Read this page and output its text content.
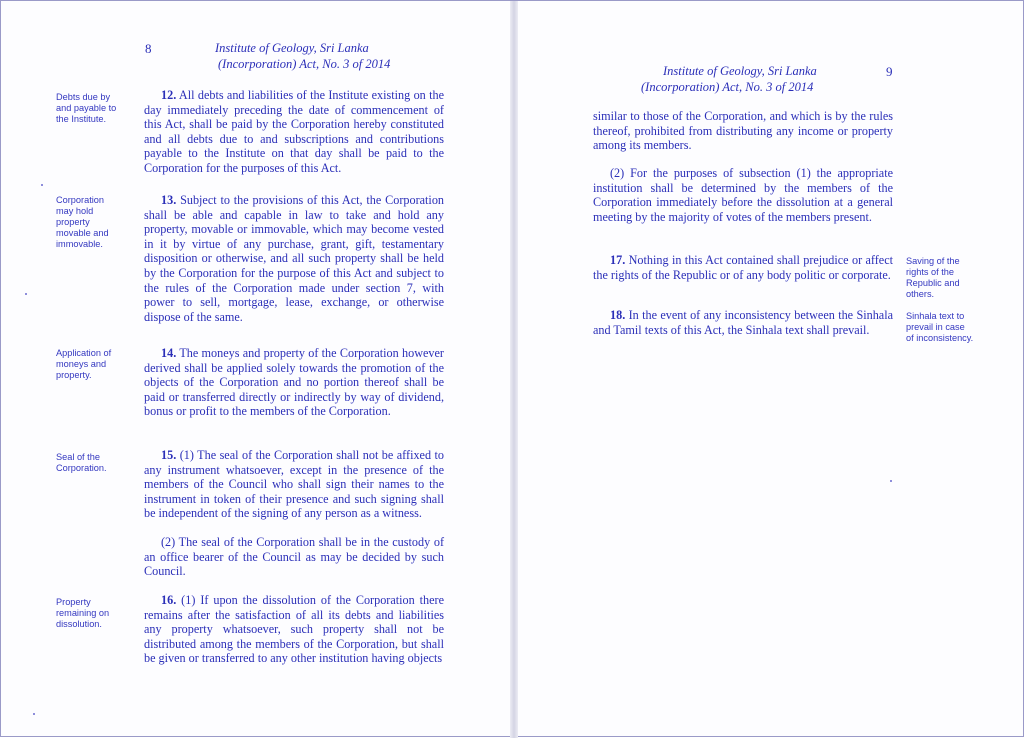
8	Institute of Geology, Sri Lanka
(Incorporation) Act, No. 3 of 2014
Debts due by
and payable to
the Institute.
Corporation
may hold
property
movable and
immovable.
Application of
moneys and
property.
Seal of the
Corporation.
Property
remaining on
dissolution.
12. All debts and liabilities of the Institute existing on the day immediately preceding the date of commencement of this Act, shall be paid by the Corporation hereby constituted and all debts due to and subscriptions and contributions payable to the Institute on that day shall be paid to the Corporation for the purposes of this Act.
13. Subject to the provisions of this Act, the Corporation shall be able and capable in law to take and hold any property, movable or immovable, which may become vested in it by virtue of any purchase, grant, gift, testamentary disposition or otherwise, and all such property shall be held by the Corporation for the purpose of this Act and subject to the rules of the Corporation made under section 7, with power to sell, mortgage, lease, exchange, or otherwise dispose of the same.
14. The moneys and property of the Corporation however derived shall be applied solely towards the promotion of the objects of the Corporation and no portion thereof shall be paid or transferred directly or indirectly by way of dividend, bonus or profit to the members of the Corporation.
15. (1) The seal of the Corporation shall not be affixed to any instrument whatsoever, except in the presence of the members of the Council who shall sign their names to the instrument in token of their presence and such signing shall be independent of the signing of any person as a witness.
(2) The seal of the Corporation shall be in the custody of an office bearer of the Council as may be decided by such Council.
16. (1) If upon the dissolution of the Corporation there remains after the satisfaction of all its debts and liabilities any property whatsoever, such property shall not be distributed among the members of the Corporation, but shall be given or transferred to any other institution having objects
Institute of Geology, Sri Lanka
(Incorporation) Act, No. 3 of 2014
9
similar to those of the Corporation, and which is by the rules thereof, prohibited from distributing any income or property among its members.
(2) For the purposes of subsection (1) the appropriate institution shall be determined by the members of the Corporation immediately before the dissolution at a general meeting by the majority of votes of the members present.
17. Nothing in this Act contained shall prejudice or affect the rights of the Republic or of any body politic or corporate.
18. In the event of any inconsistency between the Sinhala and Tamil texts of this Act, the Sinhala text shall prevail.
Saving of the
rights of the
Republic and
others.
Sinhala text to
prevail in case
of inconsistency.
